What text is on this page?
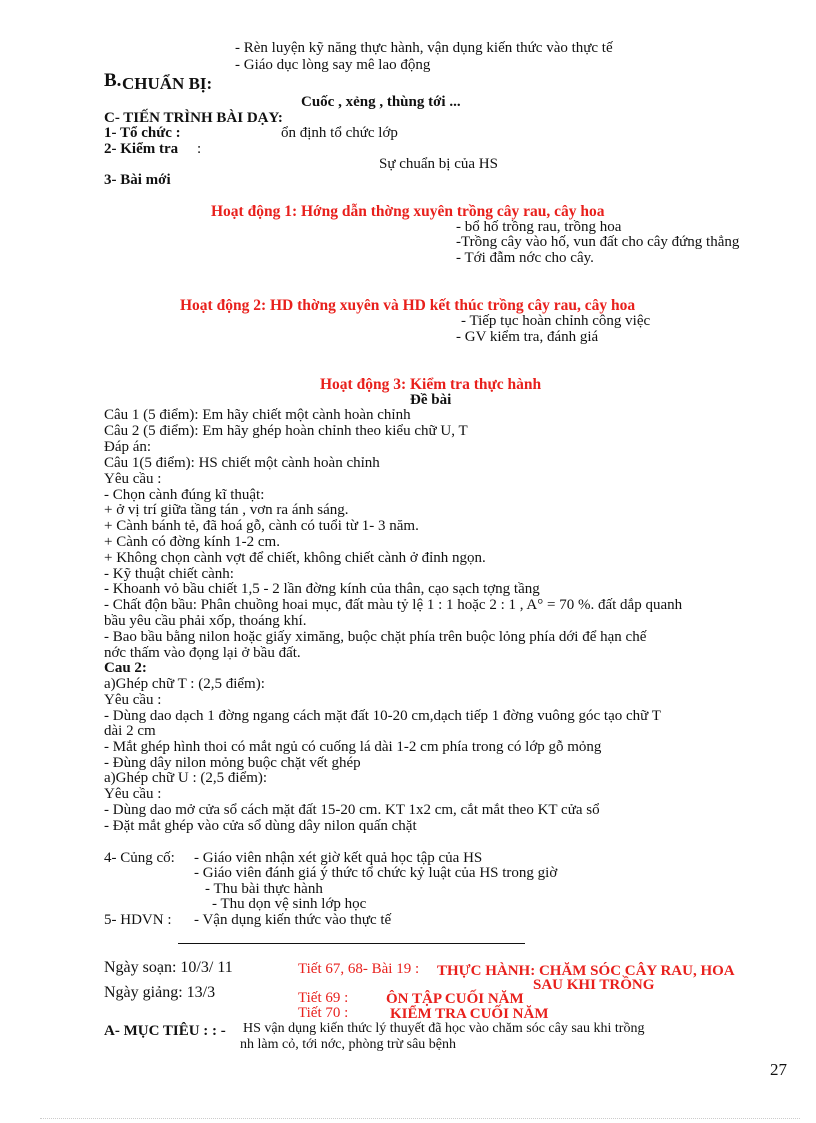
- Rèn luyện kỹ năng thực hành, vận dụng kiến thức vào thực tế
- Giáo dục lòng say mê lao động
B. CHUẨN BỊ:
Cuốc , xẻng , thùng tới ...
C- TIẾN TRÌNH BÀI DẠY:
1- Tổ chức :	ổn định tổ chức lớp
2- Kiểm tra :
Sự chuẩn bị của HS
3- Bài mới
Hoạt động 1: Hớng dẫn thờng xuyên trồng cây rau, cây hoa
- bổ hố trồng rau, trồng hoa
-Trồng cây vào hố, vun đất cho cây đứng thẳng
- Tới đẫm nớc cho cây.
Hoạt động 2: HD thờng xuyên và HD kết thúc trồng cây rau, cây hoa
- Tiếp tục hoàn chỉnh công việc
- GV kiểm tra, đánh giá
Hoạt động 3: Kiểm tra thực hành
Đề bài
Câu 1 (5 điểm): Em hãy chiết một cành hoàn chỉnh
Câu 2 (5 điểm): Em hãy ghép hoàn chỉnh theo kiểu chữ U, T
Đáp án:
Câu 1(5 điểm): HS chiết một cành hoàn chỉnh
Yêu cầu :
- Chọn cành đúng kĩ thuật:
+ ở vị trí giữa tầng tán , vơn ra ánh sáng.
+ Cành bánh tẻ, đã hoá gỗ, cành có tuổi từ 1- 3 năm.
+ Cành có đờng kính 1-2 cm.
+ Không chọn cành vợt để chiết, không chiết cành ở đỉnh ngọn.
- Kỹ thuật chiết cành:
- Khoanh vỏ bầu chiết 1,5 - 2 lần đờng kính của thân, cạo sạch tợng tầng
- Chất độn bầu: Phân chuồng hoai mục, đất màu tỷ lệ 1 : 1 hoặc 2 : 1 , A° = 70 %. đất dắp quanh
bầu yêu cầu phải xốp, thoáng khí.
- Bao bầu bằng nilon hoặc giấy ximăng, buộc chặt phía trên buộc lỏng phía dới để hạn chế
nớc thấm vào đọng lại ở bầu đất.
Cau 2:
a)Ghép chữ T : (2,5 điểm):
Yêu cầu :
- Dùng dao dạch 1 đờng ngang cách mặt đất 10-20 cm,dạch tiếp 1 đờng vuông góc tạo chữ T
dài 2 cm
- Mắt ghép hình thoi có mắt ngủ có cuống lá dài 1-2 cm phía trong có lớp gỗ mỏng
- Đùng dây nilon mỏng buộc chặt vết ghép
a)Ghép chữ U : (2,5 điểm):
Yêu cầu :
- Dùng dao mở cửa sổ cách mặt đất 15-20 cm. KT 1x2 cm, cắt mắt theo KT cửa sổ
- Đặt mắt ghép vào cửa sổ dùng dây nilon quấn chặt
4- Củng cố: - Giáo viên nhận xét giờ kết quả học tập của HS
- Giáo viên đánh giá ý thức tổ chức kỷ luật của HS trong giờ
- Thu bài thực hành
- Thu dọn vệ sinh lớp học
5- HDVN : - Vận dụng kiến thức vào thực tế
Ngày soạn: 10/3/ 11
Ngày giảng: 13/3
Tiết 67, 68- Bài 19 : THỰC HÀNH: CHĂM SÓC CÂY RAU, HOA
SAU KHI TRỒNG
Tiết 69 :	ÔN TẬP CUỐI NĂM
Tiết 70 :	KIỂM TRA CUỐI NĂM
A- MỤC TIÊU : : - HS vận dụng kiến thức lý thuyết đã học vào chăm sóc cây sau khi trồng
nh làm cỏ, tới nớc, phòng trừ sâu bệnh
27
